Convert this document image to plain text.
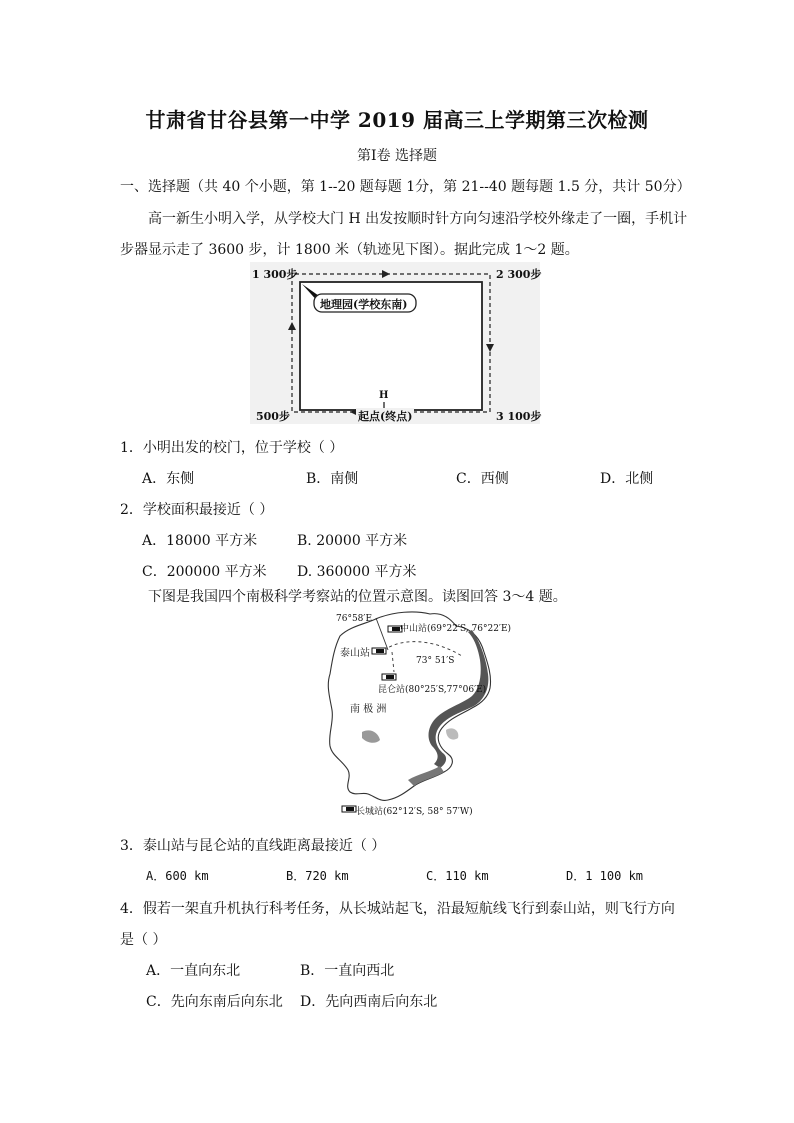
甘肃省甘谷县第一中学 2019 届高三上学期第三次检测
第Ⅰ卷 选择题
一、选择题（共 40 个小题，第 1--20 题每题 1分，第 21--40 题每题 1.5 分，共计 50分）
高一新生小明入学，从学校大门 H 出发按顺时针方向匀速沿学校外缘走了一圈，手机计
步器显示走了 3600 步，计 1800 米（轨迹见下图）。据此完成 1～2 题。
1 300步	2 300步
500步	3 100步
地理园(学校东南)
H
起点(终点)
1．小明出发的校门，位于学校（ ）
A．东侧	B．南侧	C．西侧	D．北侧
2．学校面积最接近（ ）
A．18000 平方米	B. 20000 平方米
C．200000 平方米 D. 360000 平方米
下图是我国四个南极科学考察站的位置示意图。读图回答 3～4 题。
76°58′E
中山站(69°22′S, 76°22′E)
泰山站
73° 51′S
昆仑站(80°25′S,77°06′E)
南 极 洲
长城站(62°12′S, 58° 57′W)
3．泰山站与昆仑站的直线距离最接近（ ）
A．600 km	B．720 km	C．110 km	D．1 100 km
4．假若一架直升机执行科考任务，从长城站起飞，沿最短航线飞行到泰山站，则飞行方向
是（ ）
A．一直向东北	B．一直向西北
C．先向东南后向东北 D．先向西南后向东北
